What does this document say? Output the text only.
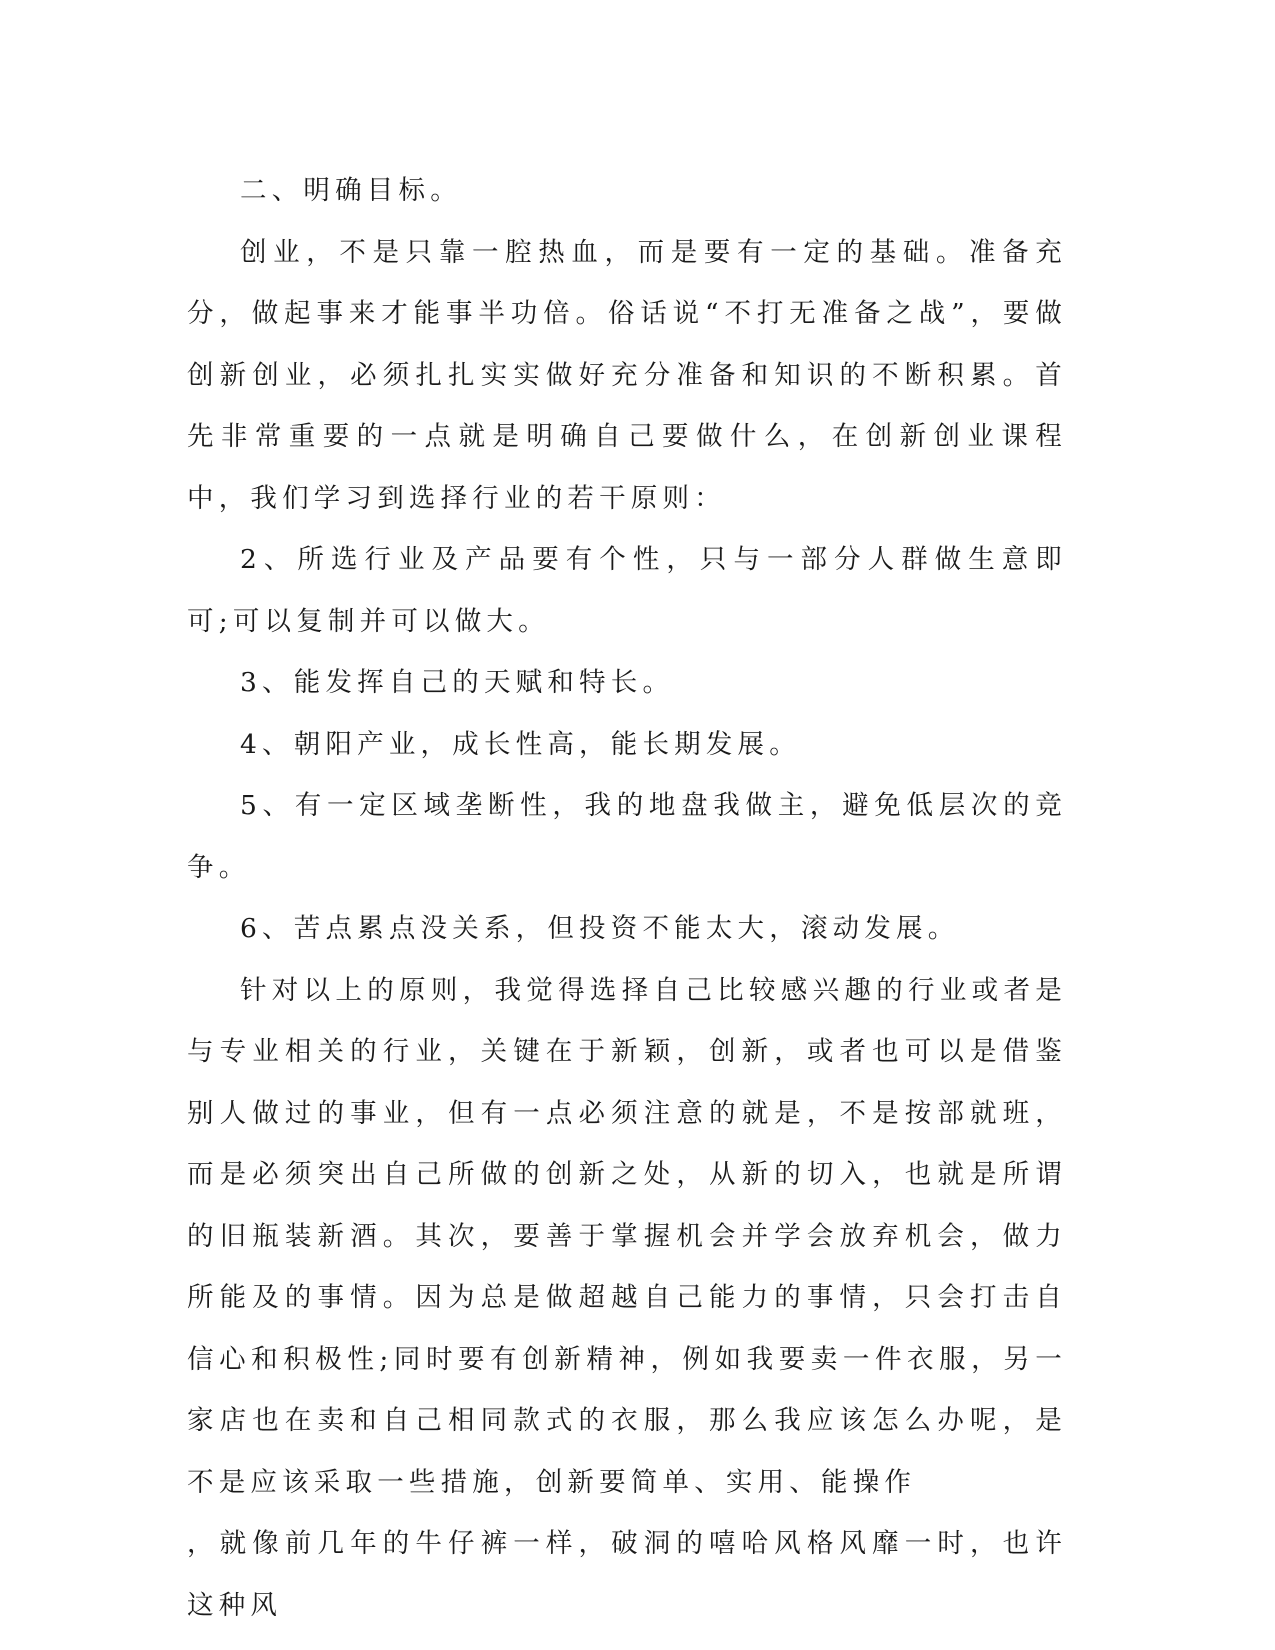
二、明确目标。

创业，不是只靠一腔热血，而是要有一定的基础。准备充分，做起事来才能事半功倍。俗话说“不打无准备之战”，要做创新创业，必须扎扎实实做好充分准备和知识的不断积累。首先非常重要的一点就是明确自己要做什么，在创新创业课程中，我们学习到选择行业的若干原则：

2、所选行业及产品要有个性，只与一部分人群做生意即可;可以复制并可以做大。

3、能发挥自己的天赋和特长。

4、朝阳产业，成长性高，能长期发展。

5、有一定区域垄断性，我的地盘我做主，避免低层次的竞争。

6、苦点累点没关系，但投资不能太大，滚动发展。

针对以上的原则，我觉得选择自己比较感兴趣的行业或者是与专业相关的行业，关键在于新颖，创新，或者也可以是借鉴别人做过的事业，但有一点必须注意的就是，不是按部就班，而是必须突出自己所做的创新之处，从新的切入，也就是所谓的旧瓶装新酒。其次，要善于掌握机会并学会放弃机会，做力所能及的事情。因为总是做超越自己能力的事情，只会打击自信心和积极性;同时要有创新精神，例如我要卖一件衣服，另一家店也在卖和自己相同款式的衣服，那么我应该怎么办呢，是不是应该采取一些措施，创新要简单、实用、能操作

，就像前几年的牛仔裤一样，破洞的嘻哈风格风靡一时，也许这种风
